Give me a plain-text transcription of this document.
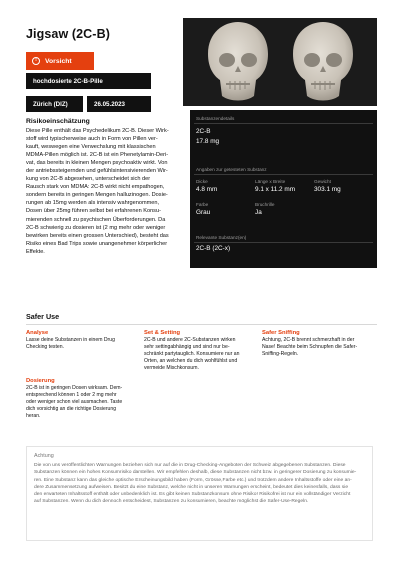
Jigsaw (2C-B)
!	Vorsicht
hochdosierte 2C-B-Pille
Zürich (DIZ)	26.05.2023
Risikoeinschätzung
Diese Pille enthält das Psychedelikum 2C-B. Dieser Wirk-
stoff wird typischerweise auch in Form von Pillen ver-
kauft, weswegen eine Verwechslung mit klassischen
MDMA-Pillen möglich ist. 2C-B ist ein Phenetylamin-Deri-
vat, das bereits in kleinen Mengen psychoaktiv wirkt. Von
der antriebssteigernden und gefühlsintensivierenden Wir-
kung von 2C-B abgesehen, unterscheidet sich der
Rausch stark von MDMA: 2C-B wirkt nicht empathogen,
sondern bereits in geringen Mengen halluzinogen. Dosie-
rungen ab 15mg werden als intensiv wahrgenommen,
Dosen über 25mg führen selbst bei erfahrenen Konsu-
mierenden schnell zu psychischen Überforderungen. Da
2C-B schwierig zu dosieren ist (2 mg mehr oder weniger
bewirken bereits einen grossen Unterschied), besteht das
Risiko eines Bad Trips sowie unangenehmer körperlicher
Effekte.
Substanzendetails
2C-B
17.8 mg
Angaben zur getesteten Substanz
Dicke
4.8 mm
Länge x Breite
9.1 x 11.2 mm
Gewicht
303.1 mg
Farbe
Grau
Bruchrille
Ja
Relevante Substanz(en)
2C-B (2C-x)
Safer Use
Analyse
Lasse deine Substanzen in einem Drug
Checking testen.
Set & Setting
2C-B und andere 2C-Substanzen wirken
sehr settingabhängig und sind nur be-
schränkt partytauglich. Konsumiere nur an
Orten, an welchen du dich wohlfühlst und
vermeide Mischkonsum.
Safer Sniffing
Achtung, 2C-B brennt schmerzhaft in der
Nase! Beachte beim Schnupfen die Safer-
Sniffing-Regeln.
Dosierung
2C-B ist in geringen Dosen wirksam. Dem-
entsprechend können 1 oder 2 mg mehr
oder weniger schon viel ausmachen. Taste
dich vorsichtig an die richtige Dosierung
heran.
Achtung
Die von uns veröffentlichten Warnungen beziehen sich nur auf die in Drug-Checking-Angeboten der Schweiz abgegebenen Substanzen. Diese
Substanzen können ein hohes Konsumrisiko darstellen. Wir empfehlen deshalb, diese Substanzen nicht bzw. in geringerer Dosierung zu konsumie-
ren. Eine Substanz kann das gleiche optische Erscheinungsbild haben (Form, Grösse,Farbe etc.) und trotzdem andere Inhaltsstoffe oder eine an-
dere Zusammensetzung aufweisen. Besitzt du eine Substanz, welche nicht in unseren Warnungen erscheint, bedeutet dies keinesfalls, dass sie
den erwarteten Inhaltsstoff enthält oder unbedenklich ist. Es gibt keinen Substanzkonsum ohne Risiko! Risikofrei ist nur ein vollständiger Verzicht
auf Substanzen. Wenn du dich dennoch entscheidest, Substanzen zu konsumieren, beachte möglichst die Safer-Use-Regeln.
